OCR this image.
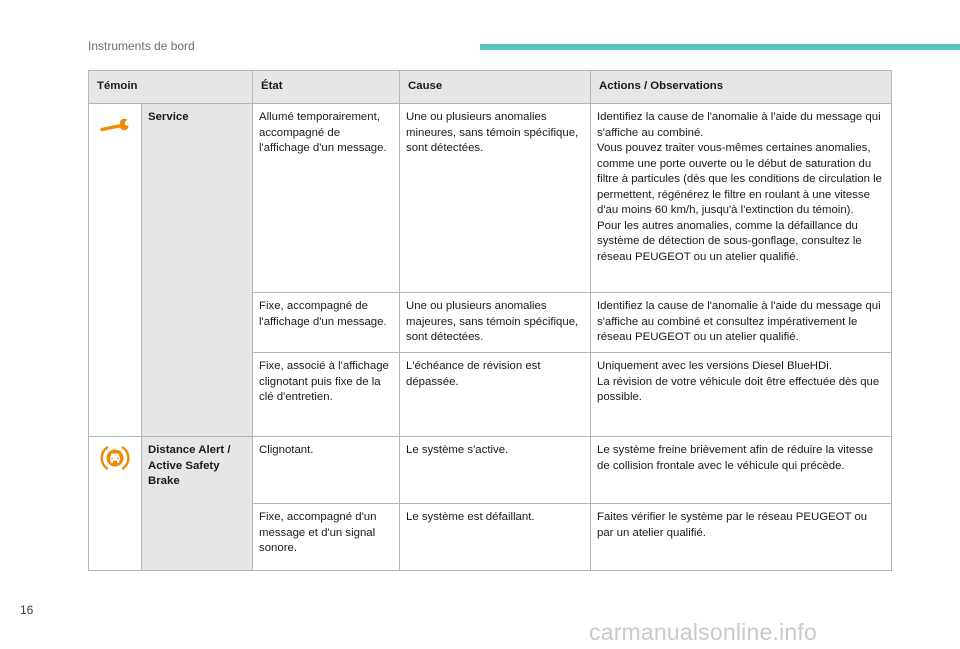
Instruments de bord
Témoin		État	Cause	Actions / Observations
	Service	Allumé temporairement, accompagné de l'affichage d'un message.	Une ou plusieurs anomalies mineures, sans témoin spécifique, sont détectées.	Identifiez la cause de l'anomalie à l'aide du message qui s'affiche au combiné.
Vous pouvez traiter vous-mêmes certaines anomalies, comme une porte ouverte ou le début de saturation du filtre à particules (dès que les conditions de circulation le permettent, régénérez le filtre en roulant à une vitesse d'au moins 60 km/h, jusqu'à l'extinction du témoin).
Pour les autres anomalies, comme la défaillance du système de détection de sous-gonflage, consultez le réseau PEUGEOT ou un atelier qualifié.
		Fixe, accompagné de l'affichage d'un message.	Une ou plusieurs anomalies majeures, sans témoin spécifique, sont détectées.	Identifiez la cause de l'anomalie à l'aide du message qui s'affiche au combiné et consultez impérativement le réseau PEUGEOT ou un atelier qualifié.
		Fixe, associé à l'affichage clignotant puis fixe de la clé d'entretien.	L'échéance de révision est dépassée.	Uniquement avec les versions Diesel BlueHDi.
La révision de votre véhicule doit être effectuée dès que possible.
	Distance Alert / Active Safety Brake	Clignotant.	Le système s'active.	Le système freine brièvement afin de réduire la vitesse de collision frontale avec le véhicule qui précède.
		Fixe, accompagné d'un message et d'un signal sonore.	Le système est défaillant.	Faites vérifier le système par le réseau PEUGEOT ou par un atelier qualifié.
16
carmanualsonline.info
